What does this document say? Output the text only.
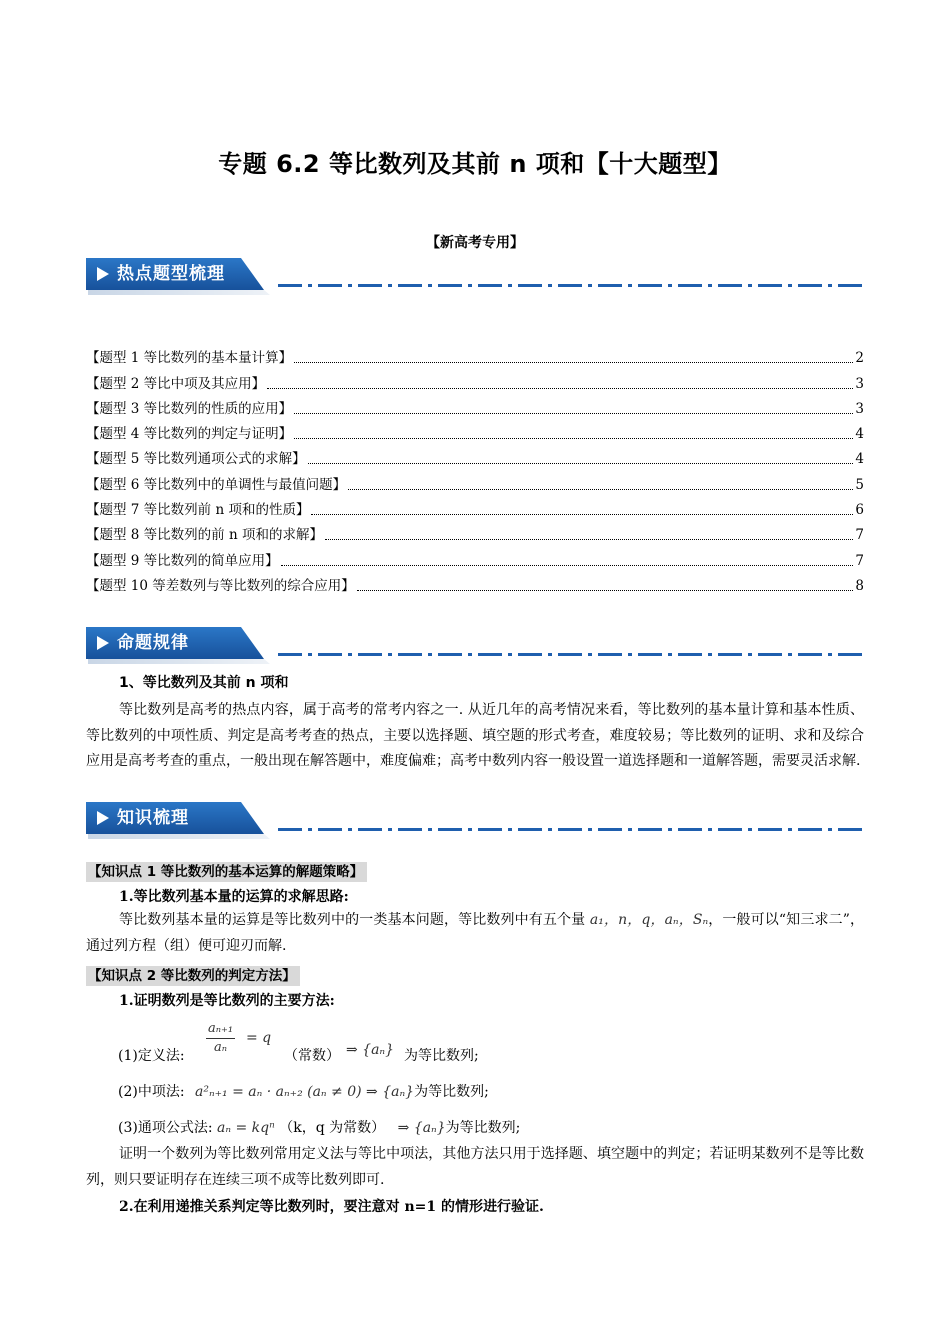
专题 6.2 等比数列及其前 n 项和【十大题型】
【新高考专用】
热点题型梳理
【题型 1 等比数列的基本量计算】	2
【题型 2 等比中项及其应用】	3
【题型 3 等比数列的性质的应用】	3
【题型 4 等比数列的判定与证明】	4
【题型 5 等比数列通项公式的求解】	4
【题型 6 等比数列中的单调性与最值问题】	5
【题型 7 等比数列前 n 项和的性质】	6
【题型 8 等比数列的前 n 项和的求解】	7
【题型 9 等比数列的简单应用】	7
【题型 10 等差数列与等比数列的综合应用】	8
命题规律
1、等比数列及其前 n 项和
等比数列是高考的热点内容，属于高考的常考内容之一. 从近几年的高考情况来看，等比数列的基本量计算和基本性质、等比数列的中项性质、判定是高考考查的热点，主要以选择题、填空题的形式考查，难度较易；等比数列的证明、求和及综合应用是高考考查的重点，一般出现在解答题中，难度偏难；高考中数列内容一般设置一道选择题和一道解答题，需要灵活求解.
知识梳理
【知识点 1 等比数列的基本运算的解题策略】
1.等比数列基本量的运算的求解思路:
等比数列基本量的运算是等比数列中的一类基本问题，等比数列中有五个量 a₁，n，q，aₙ，Sₙ，一般可以“知三求二”，通过列方程（组）便可迎刃而解.
【知识点 2 等比数列的判定方法】
1.证明数列是等比数列的主要方法:
(1)定义法: $\frac{\text{aₙ₊₁}}{\text{aₙ}} = q$
（常数） ⇒ {aₙ} 为等比数列;
(2)中项法: a²ₙ₊₁ = aₙ · aₙ₊₂ (aₙ ≠ 0) ⇒ {aₙ}为等比数列;
(3)通项公式法: aₙ = kqⁿ （k，q 为常数） ⇒ {aₙ}为等比数列;
证明一个数列为等比数列常用定义法与等比中项法，其他方法只用于选择题、填空题中的判定；若证明某数列不是等比数列，则只要证明存在连续三项不成等比数列即可.
2.在利用递推关系判定等比数列时，要注意对 n=1 的情形进行验证.
